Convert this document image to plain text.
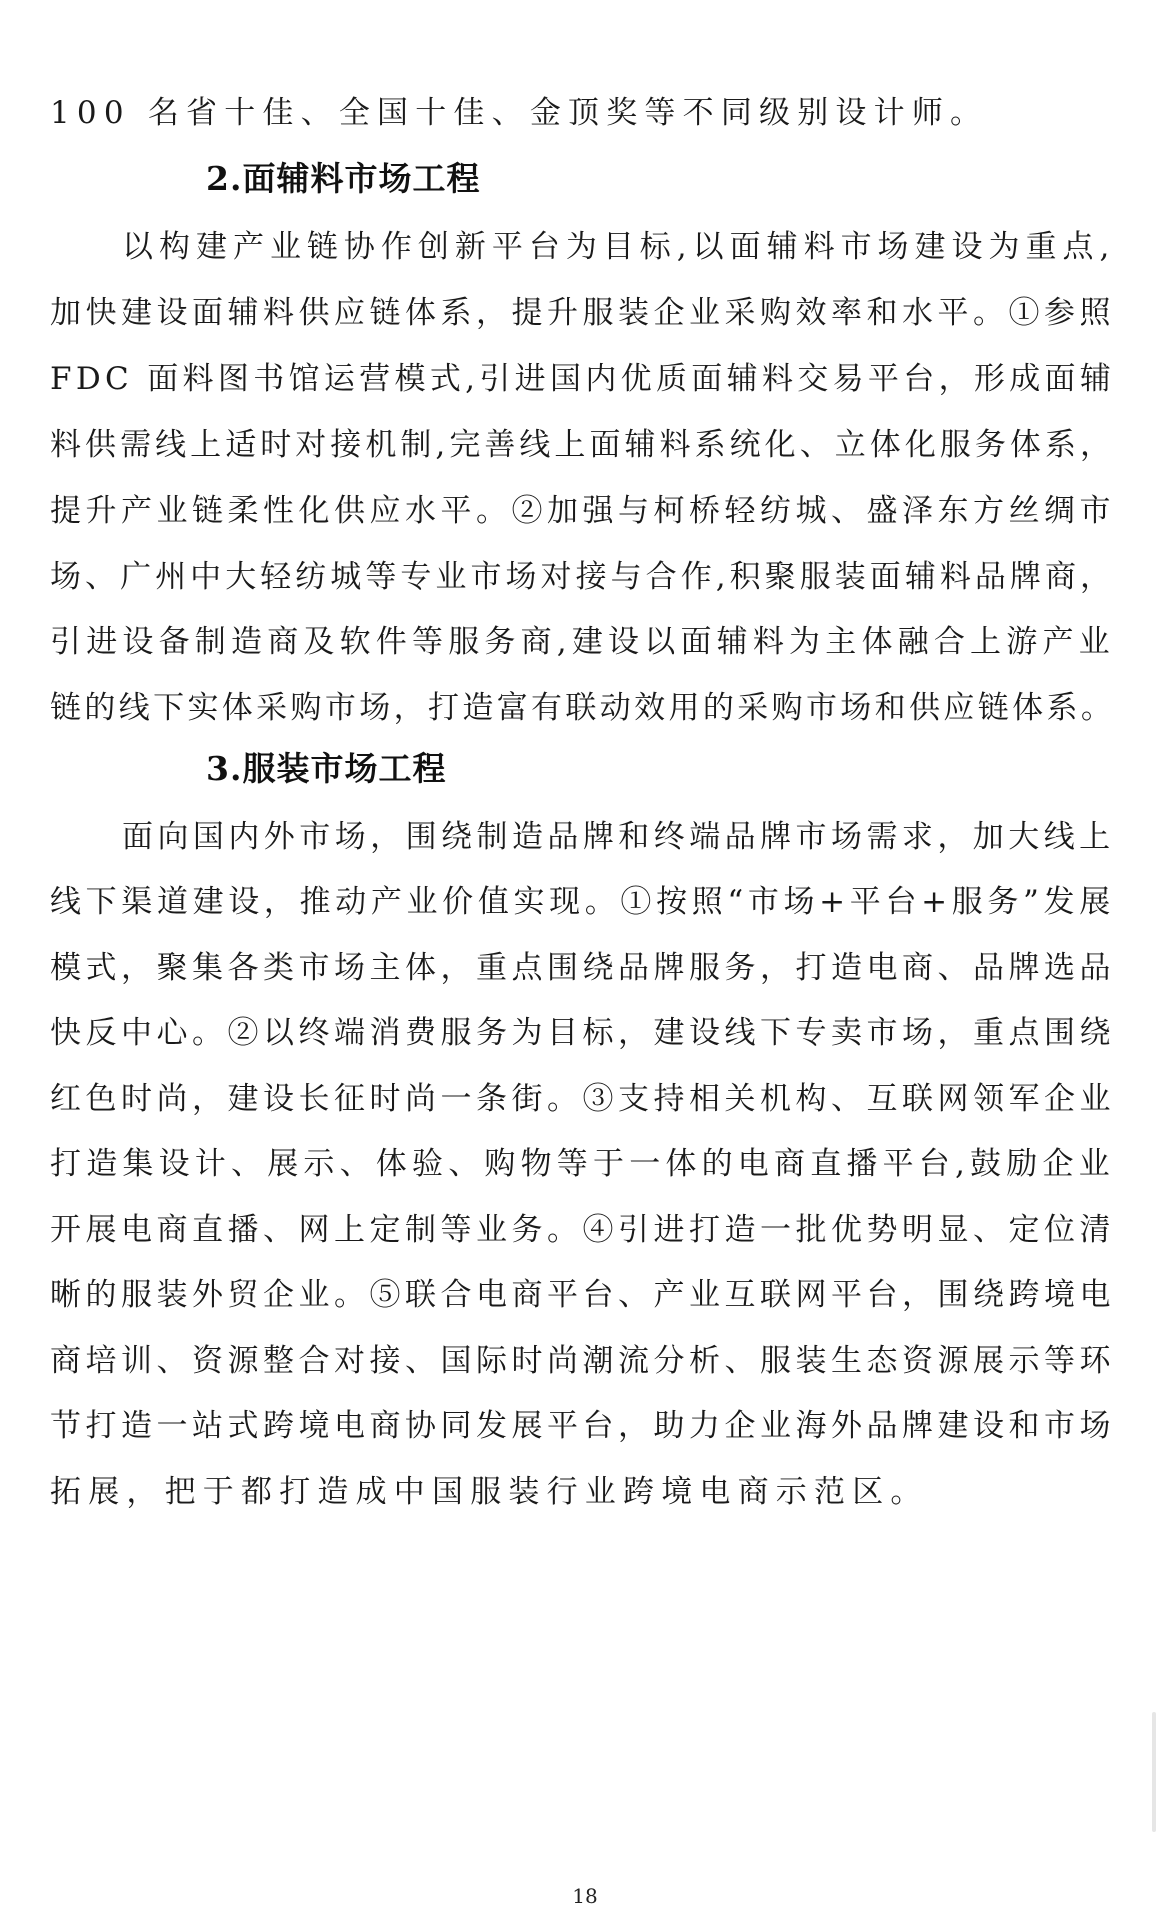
100 名省十佳、全国十佳、金顶奖等不同级别设计师。
2.面辅料市场工程
以构建产业链协作创新平台为目标,以面辅料市场建设为重点,
加快建设面辅料供应链体系，提升服装企业采购效率和水平。①参照
FDC 面料图书馆运营模式,引进国内优质面辅料交易平台，形成面辅
料供需线上适时对接机制,完善线上面辅料系统化、立体化服务体系，
提升产业链柔性化供应水平。②加强与柯桥轻纺城、盛泽东方丝绸市
场、广州中大轻纺城等专业市场对接与合作,积聚服装面辅料品牌商，
引进设备制造商及软件等服务商,建设以面辅料为主体融合上游产业
链的线下实体采购市场，打造富有联动效用的采购市场和供应链体系。
3.服装市场工程
面向国内外市场，围绕制造品牌和终端品牌市场需求，加大线上
线下渠道建设，推动产业价值实现。①按照“市场+平台+服务”发展
模式，聚集各类市场主体，重点围绕品牌服务，打造电商、品牌选品
快反中心。②以终端消费服务为目标，建设线下专卖市场，重点围绕
红色时尚，建设长征时尚一条街。③支持相关机构、互联网领军企业
打造集设计、展示、体验、购物等于一体的电商直播平台,鼓励企业
开展电商直播、网上定制等业务。④引进打造一批优势明显、定位清
晰的服装外贸企业。⑤联合电商平台、产业互联网平台，围绕跨境电
商培训、资源整合对接、国际时尚潮流分析、服装生态资源展示等环
节打造一站式跨境电商协同发展平台，助力企业海外品牌建设和市场
拓展，把于都打造成中国服装行业跨境电商示范区。
18
